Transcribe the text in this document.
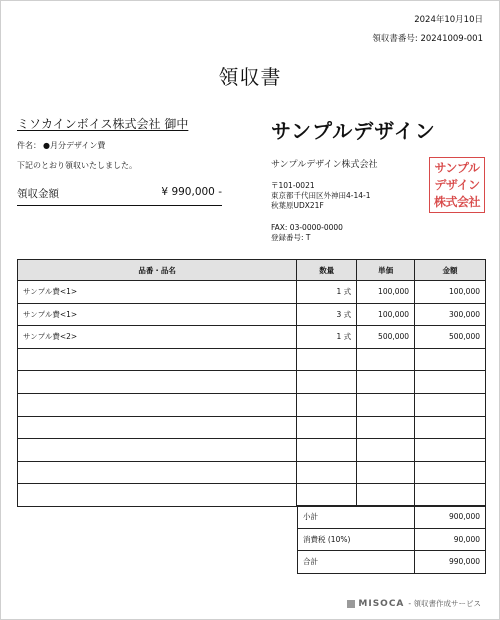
2024年10月10日
領収書番号: 20241009-001
領収書
ミソカインボイス株式会社 御中
件名： ●月分デザイン費
下記のとおり領収いたしました。
領収金額	¥ 990,000 -
サンプルデザイン
サンプルデザイン株式会社
〒101-0021
東京都千代田区外神田4-14-1
秋葉原UDX21F
FAX: 03-0000-0000
登録番号: T
サンプル
デザイン
株式会社
品番・品名	数量	単価	金額
サンプル費<1>	1 式	100,000	100,000
サンプル費<1>	3 式	100,000	300,000
サンプル費<2>	1 式	500,000	500,000

小計	900,000
消費税 (10%)	90,000
合計	990,000
MISOCA - 領収書作成サービス
